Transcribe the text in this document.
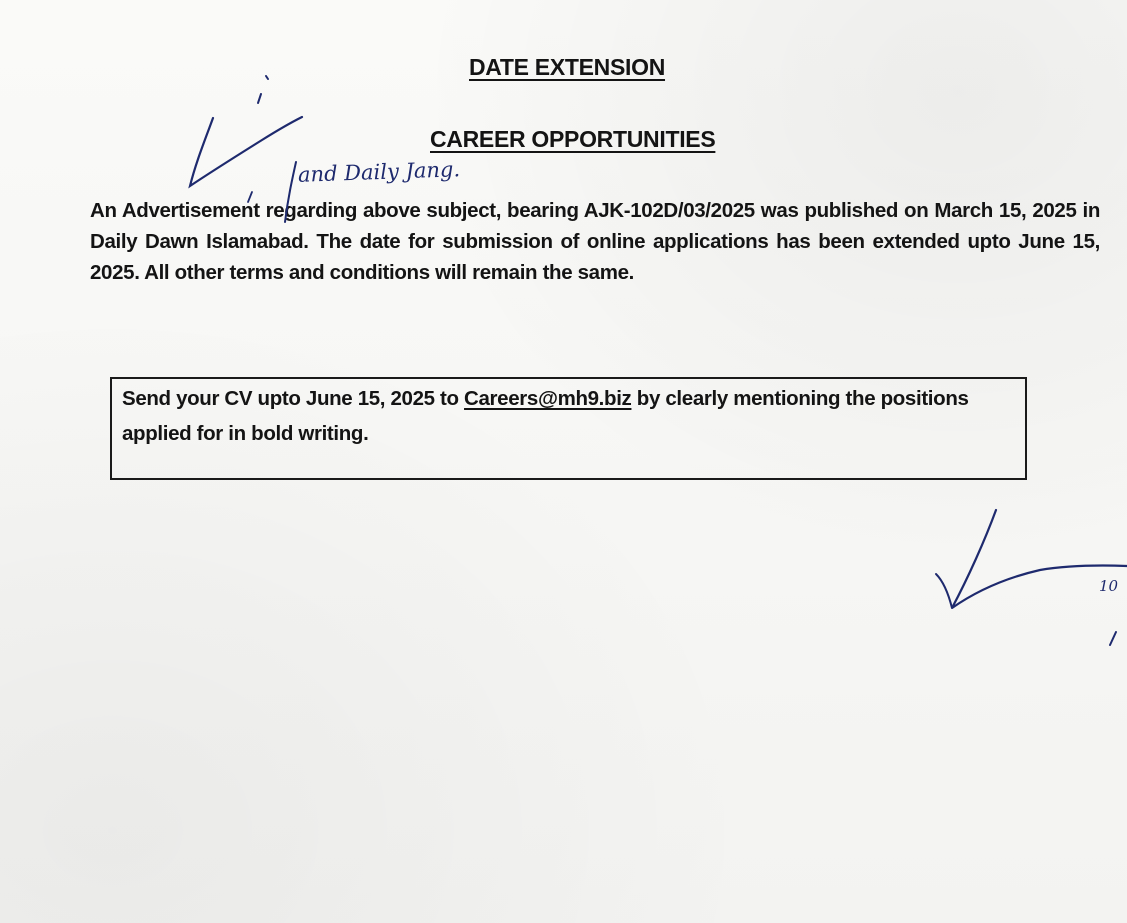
DATE EXTENSION
CAREER OPPORTUNITIES
An Advertisement regarding above subject, bearing AJK-102D/03/2025 was published on March 15, 2025 in Daily Dawn Islamabad. The date for submission of online applications has been extended upto June 15, 2025. All other terms and conditions will remain the same.
Send your CV upto June 15, 2025 to Careers@mh9.biz by clearly mentioning the positions applied for in bold writing.
and Daily Jang.
10
